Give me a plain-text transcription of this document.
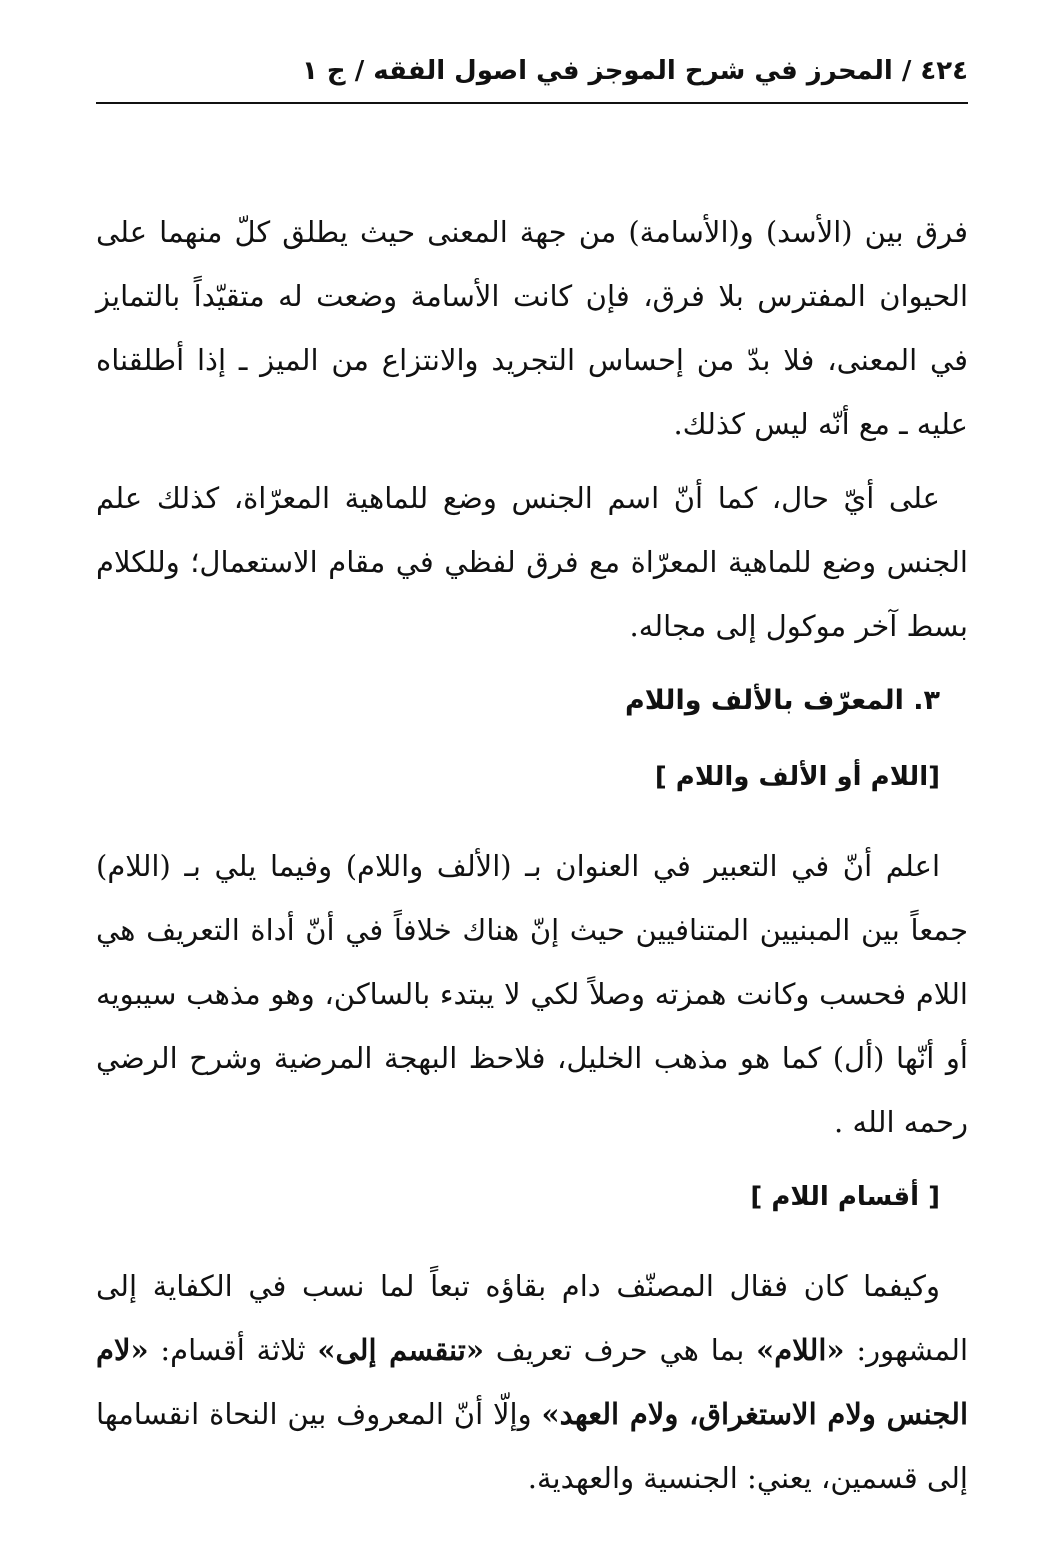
٤٢٤ / المحرز في شرح الموجز في اصول الفقه / ج ١

فرق بين (الأسد) و(الأسامة) من جهة المعنى حيث يطلق كلّ منهما على الحيوان المفترس بلا فرق، فإن كانت الأسامة وضعت له متقيّداً بالتمايز في المعنى، فلا بدّ من إحساس التجريد والانتزاع من الميز ـ إذا أطلقناه عليه ـ مع أنّه ليس كذلك.

على أيّ حال، كما أنّ اسم الجنس وضع للماهية المعرّاة، كذلك علم الجنس وضع للماهية المعرّاة مع فرق لفظي في مقام الاستعمال؛ وللكلام بسط آخر موكول إلى مجاله.

٣. المعرّف بالألف واللام

[اللام أو الألف واللام ]

اعلم أنّ في التعبير في العنوان بـ (الألف واللام) وفيما يلي بـ (اللام) جمعاً بين المبنيين المتنافيين حيث إنّ هناك خلافاً في أنّ أداة التعريف هي اللام فحسب وكانت همزته وصلاً لكي لا يبتدء بالساكن، وهو مذهب سيبويه أو أنّها (أل) كما هو مذهب الخليل، فلاحظ البهجة المرضية وشرح الرضي رحمه الله .

[ أقسام اللام ]

وكيفما كان فقال المصنّف دام بقاؤه تبعاً لما نسب في الكفاية إلى المشهور: «اللام» بما هي حرف تعريف «تنقسم إلى» ثلاثة أقسام: «لام الجنس ولام الاستغراق، ولام العهد» وإلّا أنّ المعروف بين النحاة انقسامها إلى قسمين، يعني: الجنسية والعهدية.
